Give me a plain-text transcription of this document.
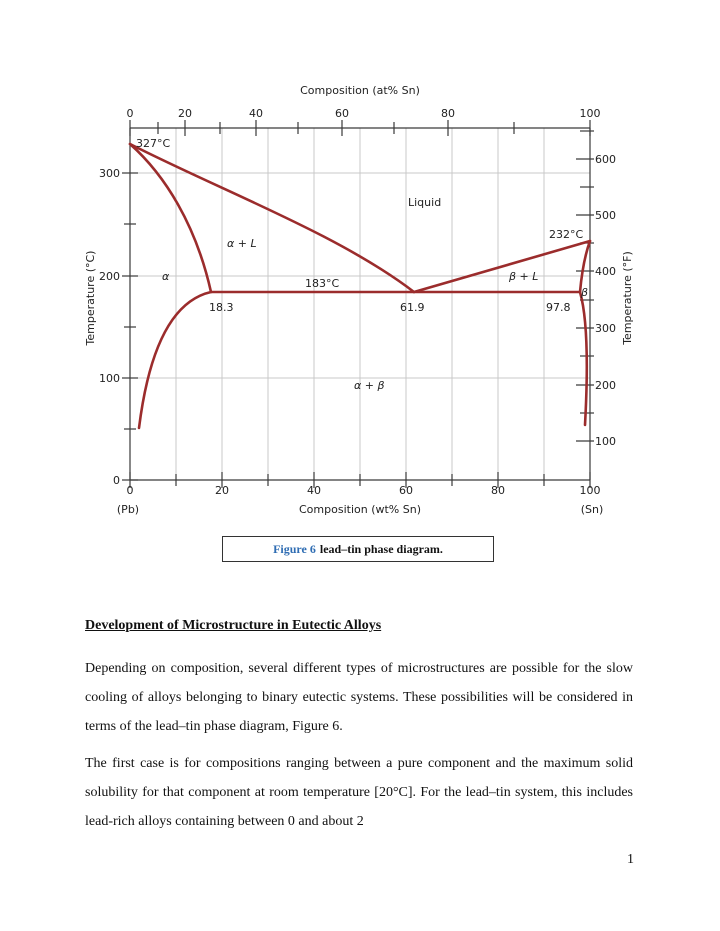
Composition (at% Sn)
Composition (wt% Sn)
Temperature (°C)	Temperature (°F)
0	20	40	60	80	100
0	20	40	60	80	100
0
100
200
300
100
200
300
400
500
600
(Pb)	(Sn)
327°C
232°C
183°C
Liquid
α + L
β + L
α
β
α + β
18.3	61.9	97.8
Figure 6 lead–tin phase diagram.
Development of Microstructure in Eutectic Alloys

Depending on composition, several different types of microstructures are possible for the slow cooling of alloys belonging to binary eutectic systems. These possibilities will be considered in terms of the lead–tin phase diagram, Figure 6.

The first case is for compositions ranging between a pure component and the maximum solid solubility for that component at room temperature [20°C]. For the lead–tin system, this includes lead-rich alloys containing between 0 and about 2

1
